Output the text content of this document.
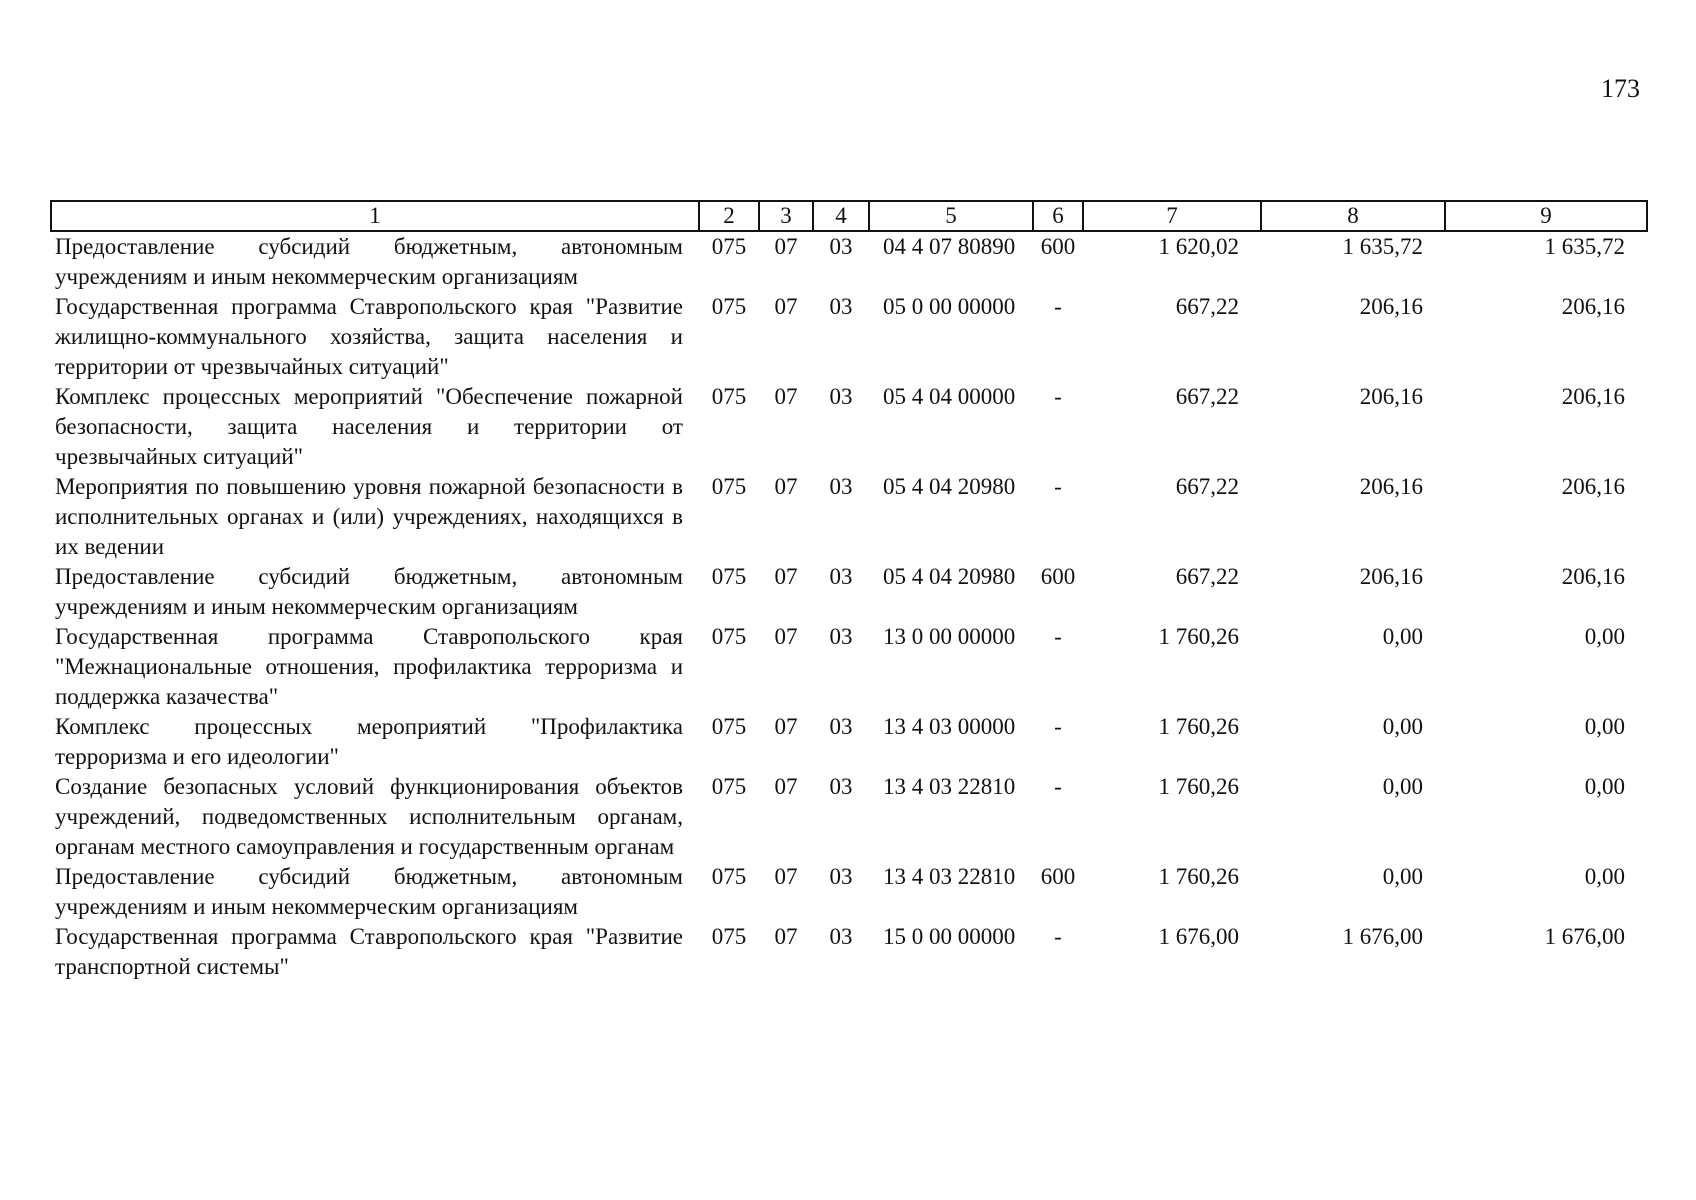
173
1	2	3	4	5	6	7	8	9
Предоставление субсидий бюджетным, автономным учреждениям и иным некоммерческим организациям	075	07	03	04 4 07 80890	600	1 620,02	1 635,72	1 635,72
Государственная программа Ставропольского края "Развитие жилищно-коммунального хозяйства, защита населения и территории от чрезвычайных ситуаций"	075	07	03	05 0 00 00000	-	667,22	206,16	206,16
Комплекс процессных мероприятий "Обеспечение пожарной безопасности, защита населения и территории от чрезвычайных ситуаций"	075	07	03	05 4 04 00000	-	667,22	206,16	206,16
Мероприятия по повышению уровня пожарной безопасности в исполнительных органах и (или) учреждениях, находящихся в их ведении	075	07	03	05 4 04 20980	-	667,22	206,16	206,16
Предоставление субсидий бюджетным, автономным учреждениям и иным некоммерческим организациям	075	07	03	05 4 04 20980	600	667,22	206,16	206,16
Государственная программа Ставропольского края "Межнациональные отношения, профилактика терроризма и поддержка казачества"	075	07	03	13 0 00 00000	-	1 760,26	0,00	0,00
Комплекс процессных мероприятий "Профилактика терроризма и его идеологии"	075	07	03	13 4 03 00000	-	1 760,26	0,00	0,00
Создание безопасных условий функционирования объектов учреждений, подведомственных исполнительным органам, органам местного самоуправления и государственным органам	075	07	03	13 4 03 22810	-	1 760,26	0,00	0,00
Предоставление субсидий бюджетным, автономным учреждениям и иным некоммерческим организациям	075	07	03	13 4 03 22810	600	1 760,26	0,00	0,00
Государственная программа Ставропольского края "Развитие транспортной системы"	075	07	03	15 0 00 00000	-	1 676,00	1 676,00	1 676,00
